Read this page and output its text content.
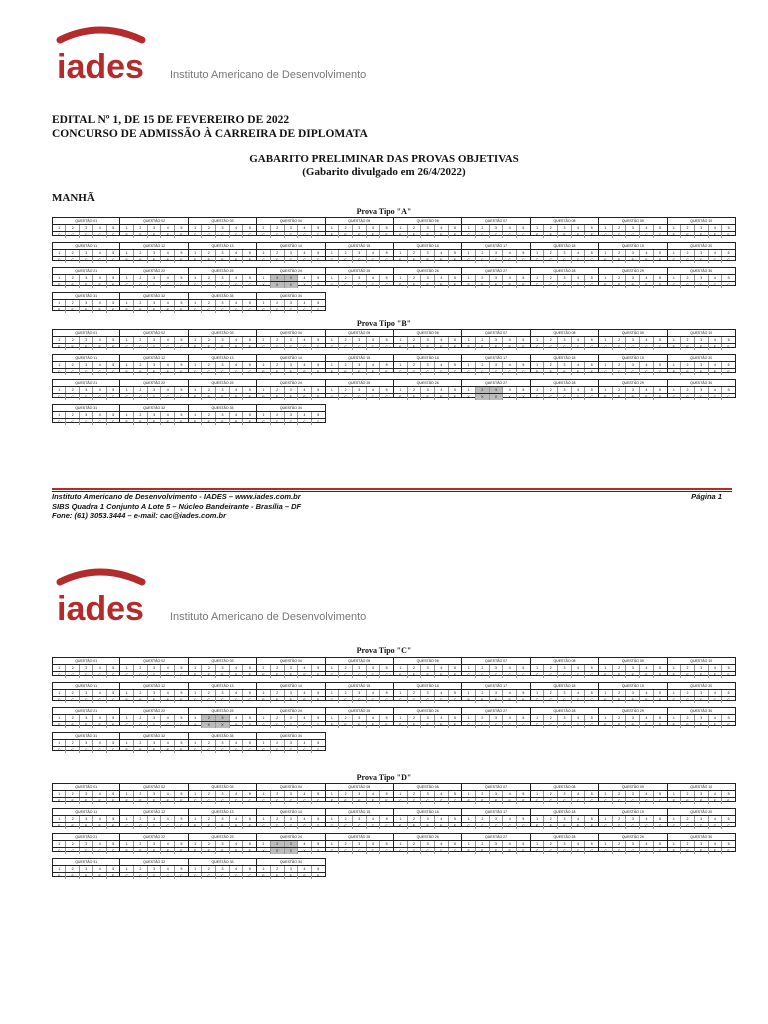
iades Instituto Americano de Desenvolvimento
EDITAL Nº 1, DE 15 DE FEVEREIRO DE 2022
CONCURSO DE ADMISSÃO À CARREIRA DE DIPLOMATA
GABARITO PRELIMINAR DAS PROVAS OBJETIVAS
(Gabarito divulgado em 26/4/2022)
MANHÃ
Prova Tipo "A"
QUESTÃO 01
1	2	3	4	5
C	C	C	C	C
QUESTÃO 02
1	2	3	4	5
E	E	E	E	E
QUESTÃO 03
1	2	3	4	5
C	C	C	C	C
QUESTÃO 04
1	2	3	4	5
C	C	C	C	C
QUESTÃO 05
1	2	3	4	5
E	E	E	E	E
QUESTÃO 06
1	2	3	4	5
E	E	E	E	E
QUESTÃO 07
1	2	3	4	5
C	C	C	C	C
QUESTÃO 08
1	2	3	4	5
E	E	E	E	E
QUESTÃO 09
1	2	3	4	5
C	C	C	C	C
QUESTÃO 10
1	2	3	4	5
E	E	E	E	E
QUESTÃO 11
1	2	3	4	5
C	C	C	C	C
QUESTÃO 12
1	2	3	4	5
E	E	E	E	E
QUESTÃO 13
1	2	3	4	5
E	E	E	E	E
QUESTÃO 14
1	2	3	4	5
C	C	C	C	C
QUESTÃO 15
1	2	3	4	5
C	C	C	C	C
QUESTÃO 16
1	2	3	4	5
E	E	E	E	E
QUESTÃO 17
1	2	3	4	5
C	C	C	C	C
QUESTÃO 18
1	2	3	4	5
C	C	C	C	C
QUESTÃO 19
1	2	3	4	5
E	E	E	E	E
QUESTÃO 20
1	2	3	4	5
C	C	C	C	C
QUESTÃO 21
1	2	3	4	5
E	E	E	E	E
QUESTÃO 22
1	2	3	4	5
C	C	C	C	C
QUESTÃO 23
1	2	3	4	5
C	C	C	C	C
QUESTÃO 24
1	2	3	4	5
X	X	X	X	X
QUESTÃO 25
1	2	3	4	5
C	C	C	C	C
QUESTÃO 26
1	2	3	4	5
E	E	E	E	E
QUESTÃO 27
1	2	3	4	5
E	E	E	E	E
QUESTÃO 28
1	2	3	4	5
C	C	C	C	C
QUESTÃO 29
1	2	3	4	5
E	E	E	E	E
QUESTÃO 30
1	2	3	4	5
C	C	C	C	C
QUESTÃO 31
1	2	3	4	5
E	E	E	E	E
QUESTÃO 32
1	2	3	4	5
E	E	E	E	E
QUESTÃO 33
1	2	3	4	5
C	C	C	C	C
QUESTÃO 34
1	2	3	4	5
C	C	C	C	C
Prova Tipo "B"
QUESTÃO 01
1	2	3	4	5
E	E	E	E	E
QUESTÃO 02
1	2	3	4	5
C	C	C	C	C
QUESTÃO 03
1	2	3	4	5
E	E	E	E	E
QUESTÃO 04
1	2	3	4	5
C	C	C	C	C
QUESTÃO 05
1	2	3	4	5
C	C	C	C	C
QUESTÃO 06
1	2	3	4	5
E	E	E	E	E
QUESTÃO 07
1	2	3	4	5
E	E	E	E	E
QUESTÃO 08
1	2	3	4	5
C	C	C	C	C
QUESTÃO 09
1	2	3	4	5
C	C	C	C	C
QUESTÃO 10
1	2	3	4	5
E	E	E	E	E
QUESTÃO 11
1	2	3	4	5
C	C	C	C	C
QUESTÃO 12
1	2	3	4	5
E	E	E	E	E
QUESTÃO 13
1	2	3	4	5
C	C	C	C	C
QUESTÃO 14
1	2	3	4	5
E	E	E	E	E
QUESTÃO 15
1	2	3	4	5
E	E	E	E	E
QUESTÃO 16
1	2	3	4	5
C	C	C	C	C
QUESTÃO 17
1	2	3	4	5
C	C	C	C	C
QUESTÃO 18
1	2	3	4	5
E	E	E	E	E
QUESTÃO 19
1	2	3	4	5
C	C	C	C	C
QUESTÃO 20
1	2	3	4	5
E	E	E	E	E
QUESTÃO 21
1	2	3	4	5
C	C	C	C	C
QUESTÃO 22
1	2	3	4	5
C	C	C	C	C
QUESTÃO 23
1	2	3	4	5
E	E	E	E	E
QUESTÃO 24
1	2	3	4	5
E	E	E	E	E
QUESTÃO 25
1	2	3	4	5
C	C	C	C	C
QUESTÃO 26
1	2	3	4	5
E	E	E	E	E
QUESTÃO 27
1	2	3	4	5
X	X	X	X	X
QUESTÃO 28
1	2	3	4	5
C	C	C	C	C
QUESTÃO 29
1	2	3	4	5
E	E	E	E	E
QUESTÃO 30
1	2	3	4	5
C	C	C	C	C
QUESTÃO 31
1	2	3	4	5
C	C	C	C	C
QUESTÃO 32
1	2	3	4	5
E	E	E	E	E
QUESTÃO 33
1	2	3	4	5
E	E	E	E	E
QUESTÃO 34
1	2	3	4	5
C	C	C	C	C
Instituto Americano de Desenvolvimento - IADES – www.iades.com.br
SIBS Quadra 1 Conjunto A Lote 5 – Núcleo Bandeirante - Brasília – DF
Fone: (61) 3053.3444 – e-mail: cac@iades.com.br
Página 1
iades Instituto Americano de Desenvolvimento
Prova Tipo "C"
QUESTÃO 01
1	2	3	4	5
C	C	C	C	C
QUESTÃO 02
1	2	3	4	5
C	C	C	C	C
QUESTÃO 03
1	2	3	4	5
E	E	E	E	E
QUESTÃO 04
1	2	3	4	5
E	E	E	E	E
QUESTÃO 05
1	2	3	4	5
C	C	C	C	C
QUESTÃO 06
1	2	3	4	5
E	E	E	E	E
QUESTÃO 07
1	2	3	4	5
C	C	C	C	C
QUESTÃO 08
1	2	3	4	5
C	C	C	C	C
QUESTÃO 09
1	2	3	4	5
E	E	E	E	E
QUESTÃO 10
1	2	3	4	5
E	E	E	E	E
QUESTÃO 11
1	2	3	4	5
C	C	C	C	C
QUESTÃO 12
1	2	3	4	5
E	E	E	E	E
QUESTÃO 13
1	2	3	4	5
C	C	C	C	C
QUESTÃO 14
1	2	3	4	5
E	E	E	E	E
QUESTÃO 15
1	2	3	4	5
C	C	C	C	C
QUESTÃO 16
1	2	3	4	5
C	C	C	C	C
QUESTÃO 17
1	2	3	4	5
E	E	E	E	E
QUESTÃO 18
1	2	3	4	5
C	C	C	C	C
QUESTÃO 19
1	2	3	4	5
E	E	E	E	E
QUESTÃO 20
1	2	3	4	5
C	C	C	C	C
QUESTÃO 21
1	2	3	4	5
E	E	E	E	E
QUESTÃO 22
1	2	3	4	5
C	C	C	C	C
QUESTÃO 23
1	2	3	4	5
X	X	X	X	X
QUESTÃO 24
1	2	3	4	5
C	C	C	C	C
QUESTÃO 25
1	2	3	4	5
E	E	E	E	E
QUESTÃO 26
1	2	3	4	5
E	E	E	E	E
QUESTÃO 27
1	2	3	4	5
C	C	C	C	C
QUESTÃO 28
1	2	3	4	5
C	C	C	C	C
QUESTÃO 29
1	2	3	4	5
E	E	E	E	E
QUESTÃO 30
1	2	3	4	5
E	E	E	E	E
QUESTÃO 31
1	2	3	4	5
C	C	C	C	C
QUESTÃO 32
1	2	3	4	5
E	E	E	E	E
QUESTÃO 33
1	2	3	4	5
C	C	C	C	C
QUESTÃO 34
1	2	3	4	5
C	C	C	C	C
Prova Tipo "D"
QUESTÃO 01
1	2	3	4	5
E	E	E	E	E
QUESTÃO 02
1	2	3	4	5
E	E	E	E	E
QUESTÃO 03
1	2	3	4	5
C	C	C	C	C
QUESTÃO 04
1	2	3	4	5
C	C	C	C	C
QUESTÃO 05
1	2	3	4	5
E	E	E	E	E
QUESTÃO 06
1	2	3	4	5
C	C	C	C	C
QUESTÃO 07
1	2	3	4	5
E	E	E	E	E
QUESTÃO 08
1	2	3	4	5
C	C	C	C	C
QUESTÃO 09
1	2	3	4	5
C	C	C	C	C
QUESTÃO 10
1	2	3	4	5
E	E	E	E	E
QUESTÃO 11
1	2	3	4	5
E	E	E	E	E
QUESTÃO 12
1	2	3	4	5
C	C	C	C	C
QUESTÃO 13
1	2	3	4	5
E	E	E	E	E
QUESTÃO 14
1	2	3	4	5
C	C	C	C	C
QUESTÃO 15
1	2	3	4	5
C	C	C	C	C
QUESTÃO 16
1	2	3	4	5
E	E	E	E	E
QUESTÃO 17
1	2	3	4	5
C	C	C	C	C
QUESTÃO 18
1	2	3	4	5
E	E	E	E	E
QUESTÃO 19
1	2	3	4	5
C	C	C	C	C
QUESTÃO 20
1	2	3	4	5
C	C	C	C	C
QUESTÃO 21
1	2	3	4	5
C	C	C	C	C
QUESTÃO 22
1	2	3	4	5
E	E	E	E	E
QUESTÃO 23
1	2	3	4	5
E	E	E	E	E
QUESTÃO 24
1	2	3	4	5
X	X	X	X	X
QUESTÃO 25
1	2	3	4	5
C	C	C	C	C
QUESTÃO 26
1	2	3	4	5
C	C	C	C	C
QUESTÃO 27
1	2	3	4	5
E	E	E	E	E
QUESTÃO 28
1	2	3	4	5
C	C	C	C	C
QUESTÃO 29
1	2	3	4	5
C	C	C	C	C
QUESTÃO 30
1	2	3	4	5
E	E	E	E	E
QUESTÃO 31
1	2	3	4	5
E	E	E	E	E
QUESTÃO 32
1	2	3	4	5
C	C	C	C	C
QUESTÃO 33
1	2	3	4	5
C	C	C	C	C
QUESTÃO 34
1	2	3	4	5
E	E	E	E	E
